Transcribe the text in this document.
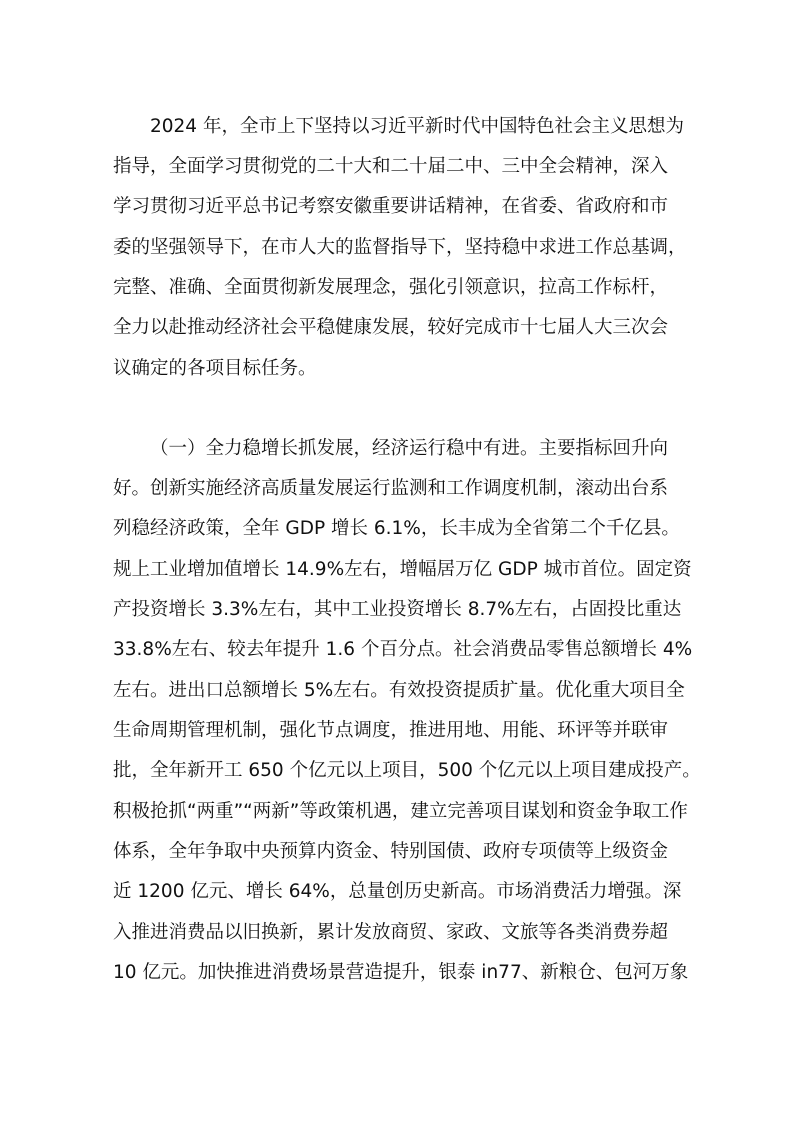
2024 年，全市上下坚持以习近平新时代中国特色社会主义思想为
指导，全面学习贯彻党的二十大和二十届二中、三中全会精神，深入
学习贯彻习近平总书记考察安徽重要讲话精神，在省委、省政府和市
委的坚强领导下，在市人大的监督指导下，坚持稳中求进工作总基调，
完整、准确、全面贯彻新发展理念，强化引领意识，拉高工作标杆，
全力以赴推动经济社会平稳健康发展，较好完成市十七届人大三次会
议确定的各项目标任务。
（一）全力稳增长抓发展，经济运行稳中有进。主要指标回升向
好。创新实施经济高质量发展运行监测和工作调度机制，滚动出台系
列稳经济政策，全年 GDP 增长 6.1%，长丰成为全省第二个千亿县。
规上工业增加值增长 14.9%左右，增幅居万亿 GDP 城市首位。固定资
产投资增长 3.3%左右，其中工业投资增长 8.7%左右，占固投比重达
33.8%左右、较去年提升 1.6 个百分点。社会消费品零售总额增长 4%
左右。进出口总额增长 5%左右。有效投资提质扩量。优化重大项目全
生命周期管理机制，强化节点调度，推进用地、用能、环评等并联审
批，全年新开工 650 个亿元以上项目，500 个亿元以上项目建成投产。
积极抢抓“两重”“两新”等政策机遇，建立完善项目谋划和资金争取工作
体系，全年争取中央预算内资金、特别国债、政府专项债等上级资金
近 1200 亿元、增长 64%，总量创历史新高。市场消费活力增强。深
入推进消费品以旧换新，累计发放商贸、家政、文旅等各类消费券超
10 亿元。加快推进消费场景营造提升，银泰 in77、新粮仓、包河万象
